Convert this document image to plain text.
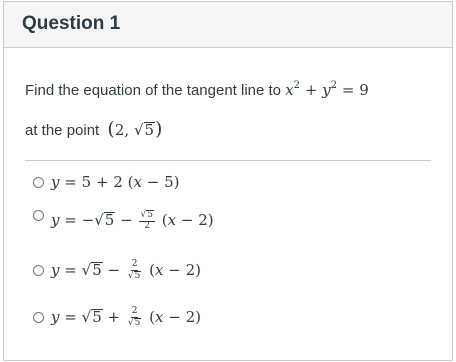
Question 1
Find the equation of the tangent line to $x^2 + y^2 = 9$
at the point (2, √5)
y = 5 + 2 (x − 5)
$y = -√5 - \frac{√5}{2} (x - 2)$
$y = √5 - \frac{2}{√5} (x - 2)$
$y = √5 + \frac{2}{√5} (x - 2)$
